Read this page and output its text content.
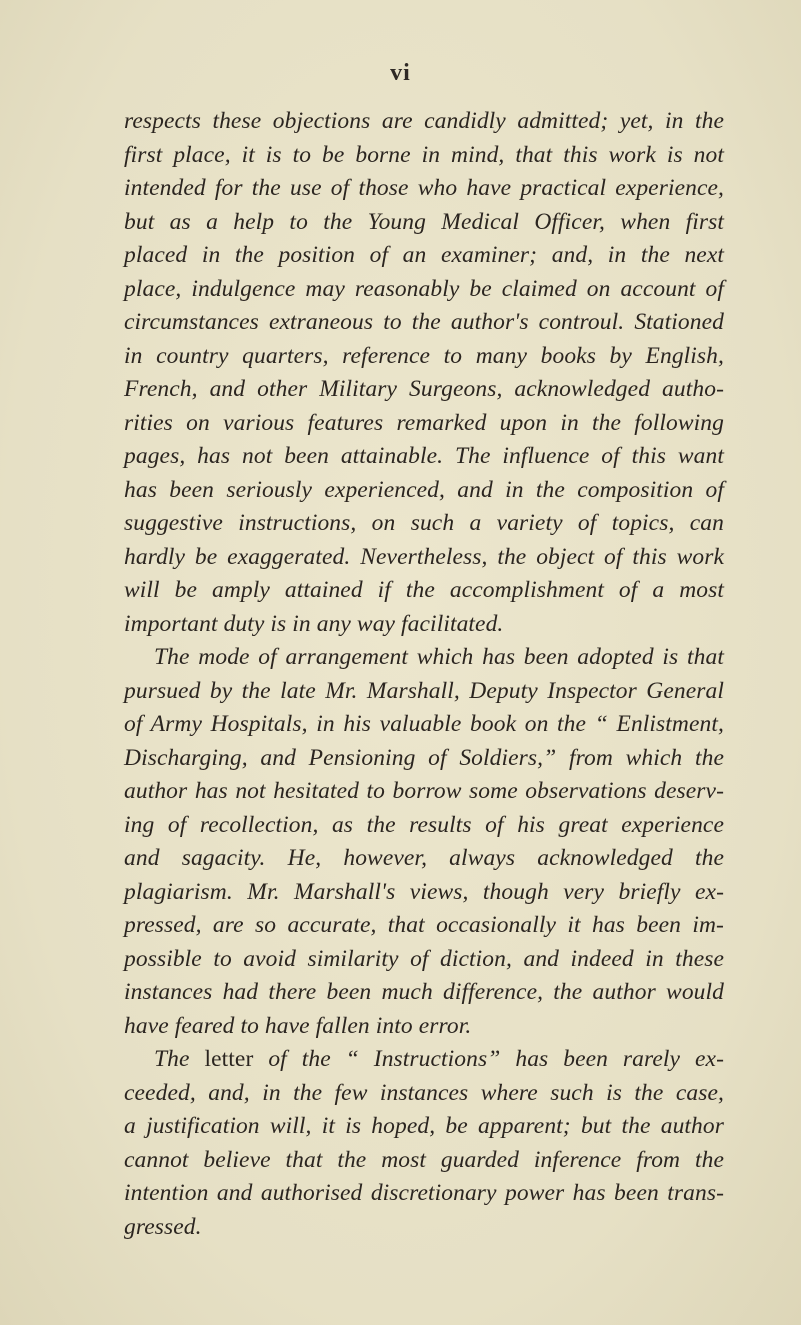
vi
respects these objections are candidly admitted; yet, in the
first place, it is to be borne in mind, that this work is not
intended for the use of those who have practical experience,
but as a help to the Young Medical Officer, when first
placed in the position of an examiner; and, in the next
place, indulgence may reasonably be claimed on account of
circumstances extraneous to the author's controul. Stationed
in country quarters, reference to many books by English,
French, and other Military Surgeons, acknowledged autho-
rities on various features remarked upon in the following
pages, has not been attainable. The influence of this want
has been seriously experienced, and in the composition of
suggestive instructions, on such a variety of topics, can
hardly be exaggerated. Nevertheless, the object of this work
will be amply attained if the accomplishment of a most
important duty is in any way facilitated.
The mode of arrangement which has been adopted is that
pursued by the late Mr. Marshall, Deputy Inspector General
of Army Hospitals, in his valuable book on the “ Enlistment,
Discharging, and Pensioning of Soldiers,” from which the
author has not hesitated to borrow some observations deserv-
ing of recollection, as the results of his great experience
and sagacity. He, however, always acknowledged the
plagiarism. Mr. Marshall's views, though very briefly ex-
pressed, are so accurate, that occasionally it has been im-
possible to avoid similarity of diction, and indeed in these
instances had there been much difference, the author would
have feared to have fallen into error.
The letter of the “ Instructions” has been rarely ex-
ceeded, and, in the few instances where such is the case,
a justification will, it is hoped, be apparent; but the author
cannot believe that the most guarded inference from the
intention and authorised discretionary power has been trans-
gressed.
